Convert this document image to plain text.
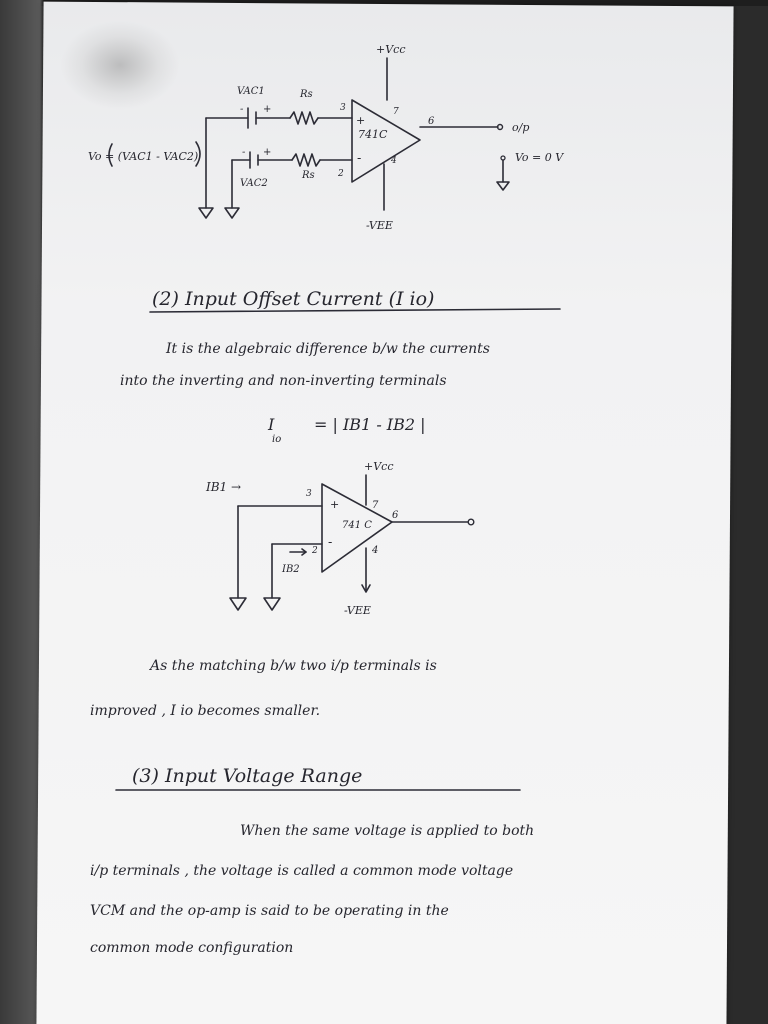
+Vcc
VAC1	Rs
- +	3
+
-
741C
7
6
4
o/p
Vo = 0 V
-VEE
- +
2
Rs
VAC2
Vo = (VAC1 - VAC2)
(2) Input Offset Current (I io)
It is the algebraic difference b/w the currents
into the inverting and non-inverting terminals
I
io
= | IB1 - IB2 |
+Vcc
IB1 →	3
+
741 C
7
6
-
2
IB2
4
-VEE
As the matching b/w two i/p terminals is
improved , I io becomes smaller.
(3) Input Voltage Range
When the same voltage is applied to both
i/p terminals , the voltage is called a common mode voltage
VCM and the op-amp is said to be operating in the
common mode configuration
